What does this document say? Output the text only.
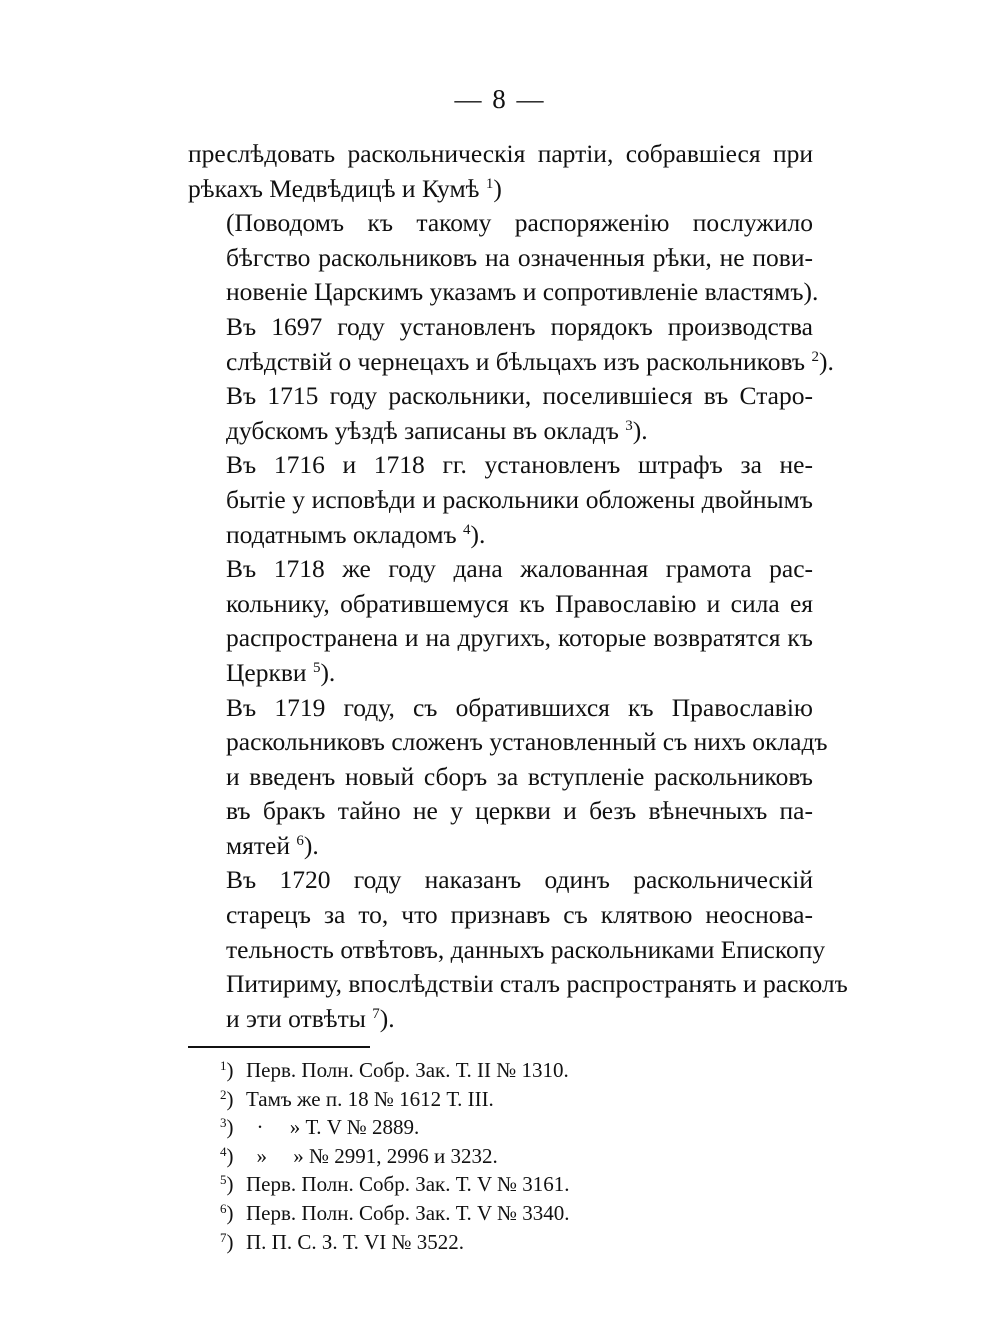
— 8 —

преслѣдовать раскольническія партіи, собравшіеся при
рѣкахъ Медвѣдицѣ и Кумѣ $^1$)

(Поводомъ къ такому распоряженію послужило
бѣгство раскольниковъ на означенныя рѣки, не пови-
новеніе Царскимъ указамъ и сопротивленіе властямъ).

Въ 1697 году установленъ порядокъ производства
слѣдствій о чернецахъ и бѣльцахъ изъ раскольниковъ $^2$).

Въ 1715 году раскольники, поселившіеся въ Старо-
дубскомъ уѣздѣ записаны въ окладъ $^3$).

Въ 1716 и 1718 гг. установленъ штрафъ за не-
бытіе у исповѣди и раскольники обложены двойнымъ
податнымъ окладомъ $^4$).

Въ 1718 же году дана жалованная грамота рас-
кольнику, обратившемуся къ Православію и сила ея
распространена и на другихъ, которые возвратятся къ
Церкви $^5$).

Въ 1719 году, съ обратившихся къ Православію
раскольниковъ сложенъ установленный съ нихъ окладъ
и введенъ новый сборъ за вступленіе раскольниковъ
въ бракъ тайно не у церкви и безъ вѣнечныхъ па-
мятей $^6$).

Въ 1720 году наказанъ одинъ раскольническій
старецъ за то, что признавъ съ клятвою неоснова-
тельность отвѣтовъ, данныхъ раскольниками Епископу
Питириму, впослѣдствіи сталъ распространять и расколъ
и эти отвѣты $^7$).

$^1$) Перв. Полн. Собр. Зак. Т. II № 1310.
$^2$) Тамъ же п. 18 № 1612 Т. III.
$^3$)  ·     » Т. V № 2889.
$^4$)  »     » № 2991, 2996 и 3232.
$^5$) Перв. Полн. Собр. Зак. Т. V № 3161.
$^6$) Перв. Полн. Собр. Зак. Т. V № 3340.
$^7$) П. П. С. З. Т. VI № 3522.
